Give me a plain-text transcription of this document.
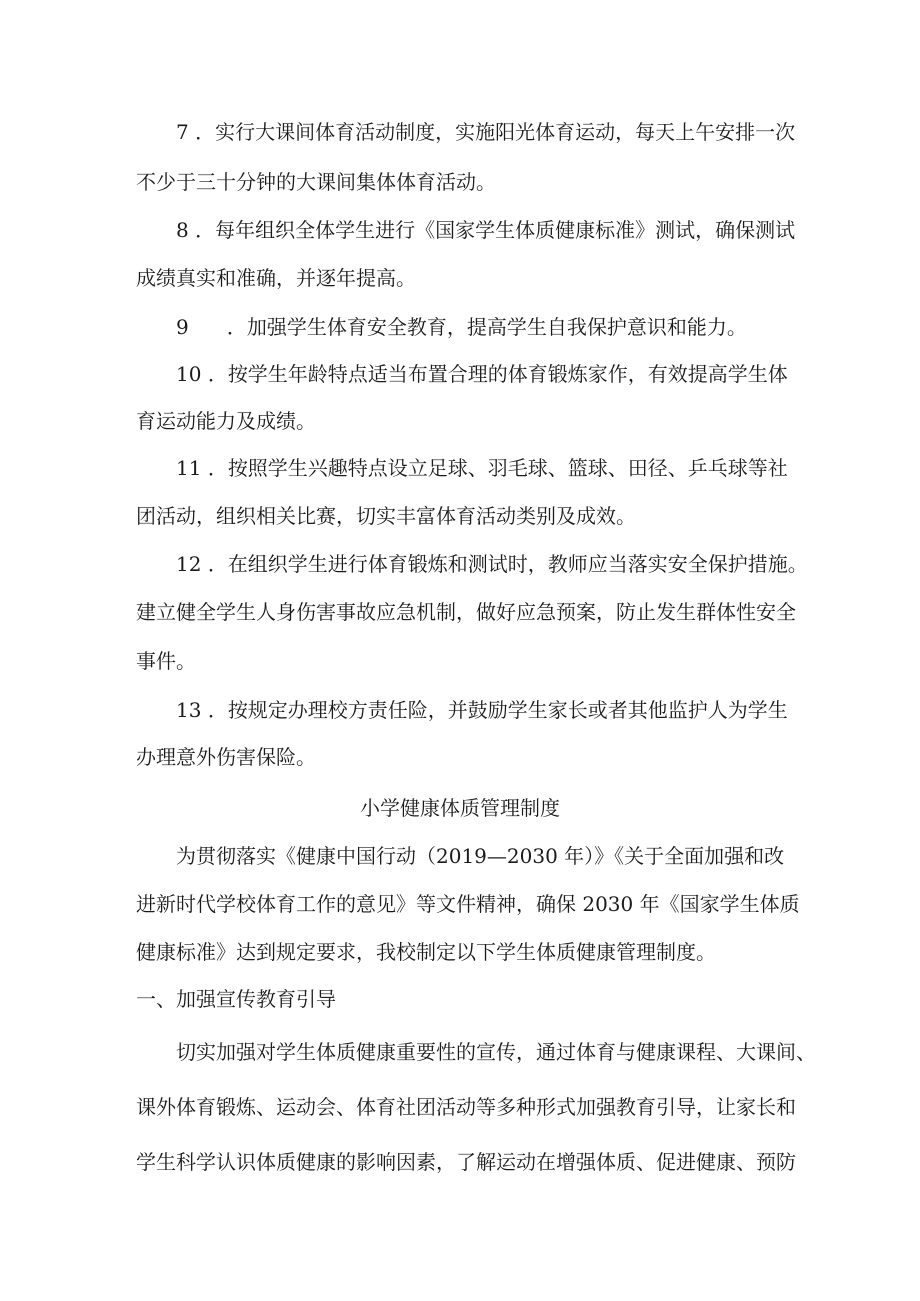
7 ．实行大课间体育活动制度，实施阳光体育运动，每天上午安排一次
不少于三十分钟的大课间集体体育活动。
8 ．每年组织全体学生进行《国家学生体质健康标准》测试，确保测试
成绩真实和准确，并逐年提高。
9 ．加强学生体育安全教育，提高学生自我保护意识和能力。
10 ．按学生年龄特点适当布置合理的体育锻炼家作，有效提高学生体
育运动能力及成绩。
11 ．按照学生兴趣特点设立足球、羽毛球、篮球、田径、乒乓球等社
团活动，组织相关比赛，切实丰富体育活动类别及成效。
12 ．在组织学生进行体育锻炼和测试时，教师应当落实安全保护措施。
建立健全学生人身伤害事故应急机制，做好应急预案，防止发生群体性安全
事件。
13 ．按规定办理校方责任险，并鼓励学生家长或者其他监护人为学生
办理意外伤害保险。
小学健康体质管理制度
为贯彻落实《健康中国行动（2019—2030 年）》《关于全面加强和改
进新时代学校体育工作的意见》等文件精神，确保 2030 年《国家学生体质
健康标准》达到规定要求，我校制定以下学生体质健康管理制度。
一、加强宣传教育引导
切实加强对学生体质健康重要性的宣传，通过体育与健康课程、大课间、
课外体育锻炼、运动会、体育社团活动等多种形式加强教育引导，让家长和
学生科学认识体质健康的影响因素，了解运动在增强体质、促进健康、预防
